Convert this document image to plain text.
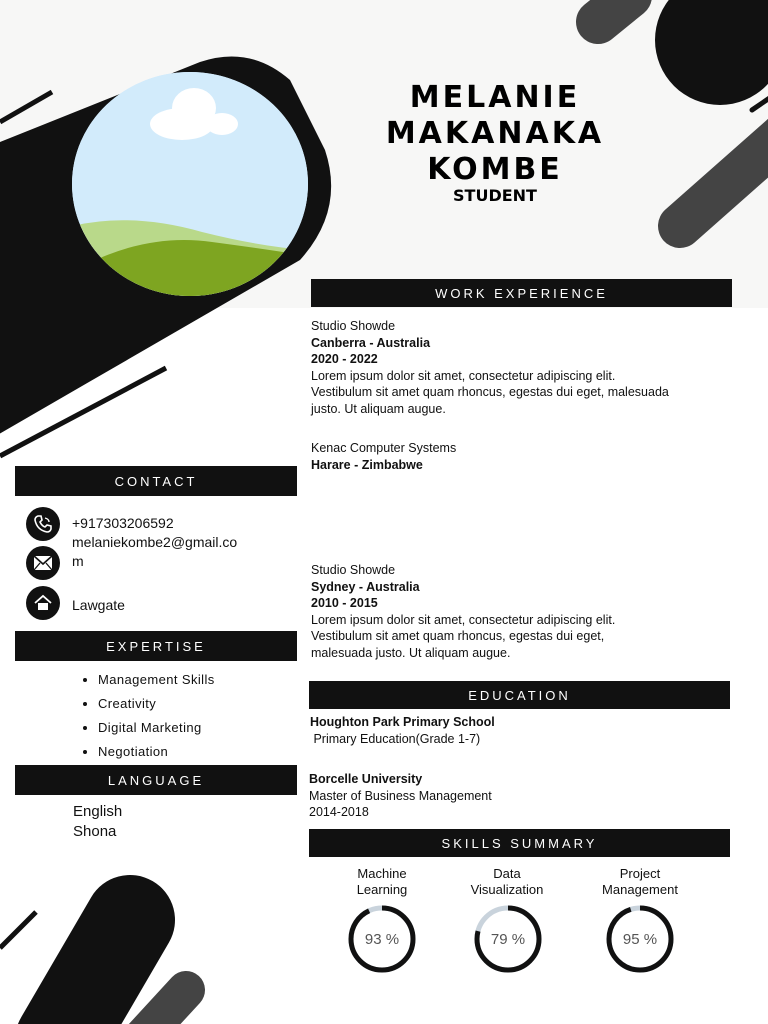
MELANIE
MAKANAKA
KOMBE
STUDENT
WORK EXPERIENCE
Studio Showde
Canberra - Australia
2020 - 2022
Lorem ipsum dolor sit amet, consectetur adipiscing elit.
Vestibulum sit amet quam rhoncus, egestas dui eget, malesuada
justo. Ut aliquam augue.
Kenac Computer Systems
Harare - Zimbabwe
Studio Showde
Sydney - Australia
2010 - 2015
Lorem ipsum dolor sit amet, consectetur adipiscing elit.
Vestibulum sit amet quam rhoncus, egestas dui eget,
malesuada justo. Ut aliquam augue.
CONTACT
+917303206592
melaniekombe2@gmail.co
m
Lawgate
EXPERTISE
• Management Skills
• Creativity
• Digital Marketing
• Negotiation
LANGUAGE
English
Shona
EDUCATION
Houghton Park Primary School
Primary Education(Grade 1-7)
Borcelle University
Master of Business Management
2014-2018
SKILLS SUMMARY
Machine
Learning
Data
Visualization
Project
Management
93 %	79 %	95 %
